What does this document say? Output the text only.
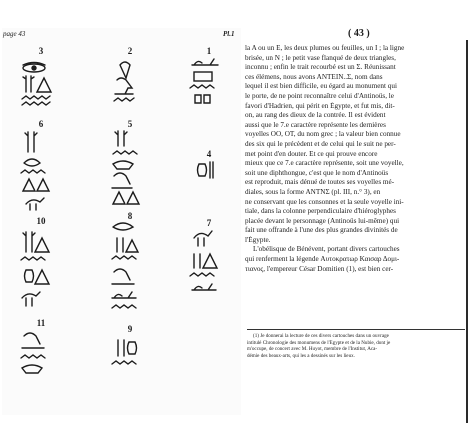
page 43	Pl.1
3	2	1
6	5
4
10	8
7
11
9
( 43 )
la A ou un E, les deux plumes ou feuilles, un I ; la ligne
brisée, un N ; le petit vase flanqué de deux triangles,
inconnu ; enfin le trait recourbé est un Σ. Réunissant
ces élémens, nous avons ANTEIN..Σ, nom dans
lequel il est bien difficile, eu égard au monument qui
le porte, de ne point reconnaître celui d'Antinoüs, le
favori d'Hadrien, qui périt en Égypte, et fut mis, dit-
on, au rang des dieux de la contrée. Il est évident
aussi que le 7.e caractère représente les dernières
voyelles OO, OT, du nom grec ; la valeur bien connue
des six qui le précèdent et de celui qui le suit ne per-
met point d'en douter. Et ce qui prouve encore
mieux que ce 7.e caractère représente, soit une voyelle,
soit une diphthongue, c'est que le nom d'Antinoüs
est reproduit, mais dénué de toutes ses voyelles mé-
diales, sous la forme ANTNΣ (pl. III, n.° 3), en
ne conservant que les consonnes et la seule voyelle ini-
tiale, dans la colonne perpendiculaire d'hiéroglyphes
placée devant le personnage (Antinoüs lui-même) qui
fait une offrande à l'une des plus grandes divinités de
l'Égypte.
L'obélisque de Bénévent, portant divers cartouches
qui renferment la légende Αυτοκρατωρ Καισαρ Δομι-
τιανος, l'empereur César Domitien (1), est bien cer-
(1) Je donnerai la lecture de ces divers cartouches dans un ouvrage
intitulé Chronologie des monumens de l'Égypte et de la Nubie, dont je
m'occupe, de concert avec M. Huyot, membre de l'Institut, Aca-
démie des beaux-arts, qui les a dessinés sur les lieux.
